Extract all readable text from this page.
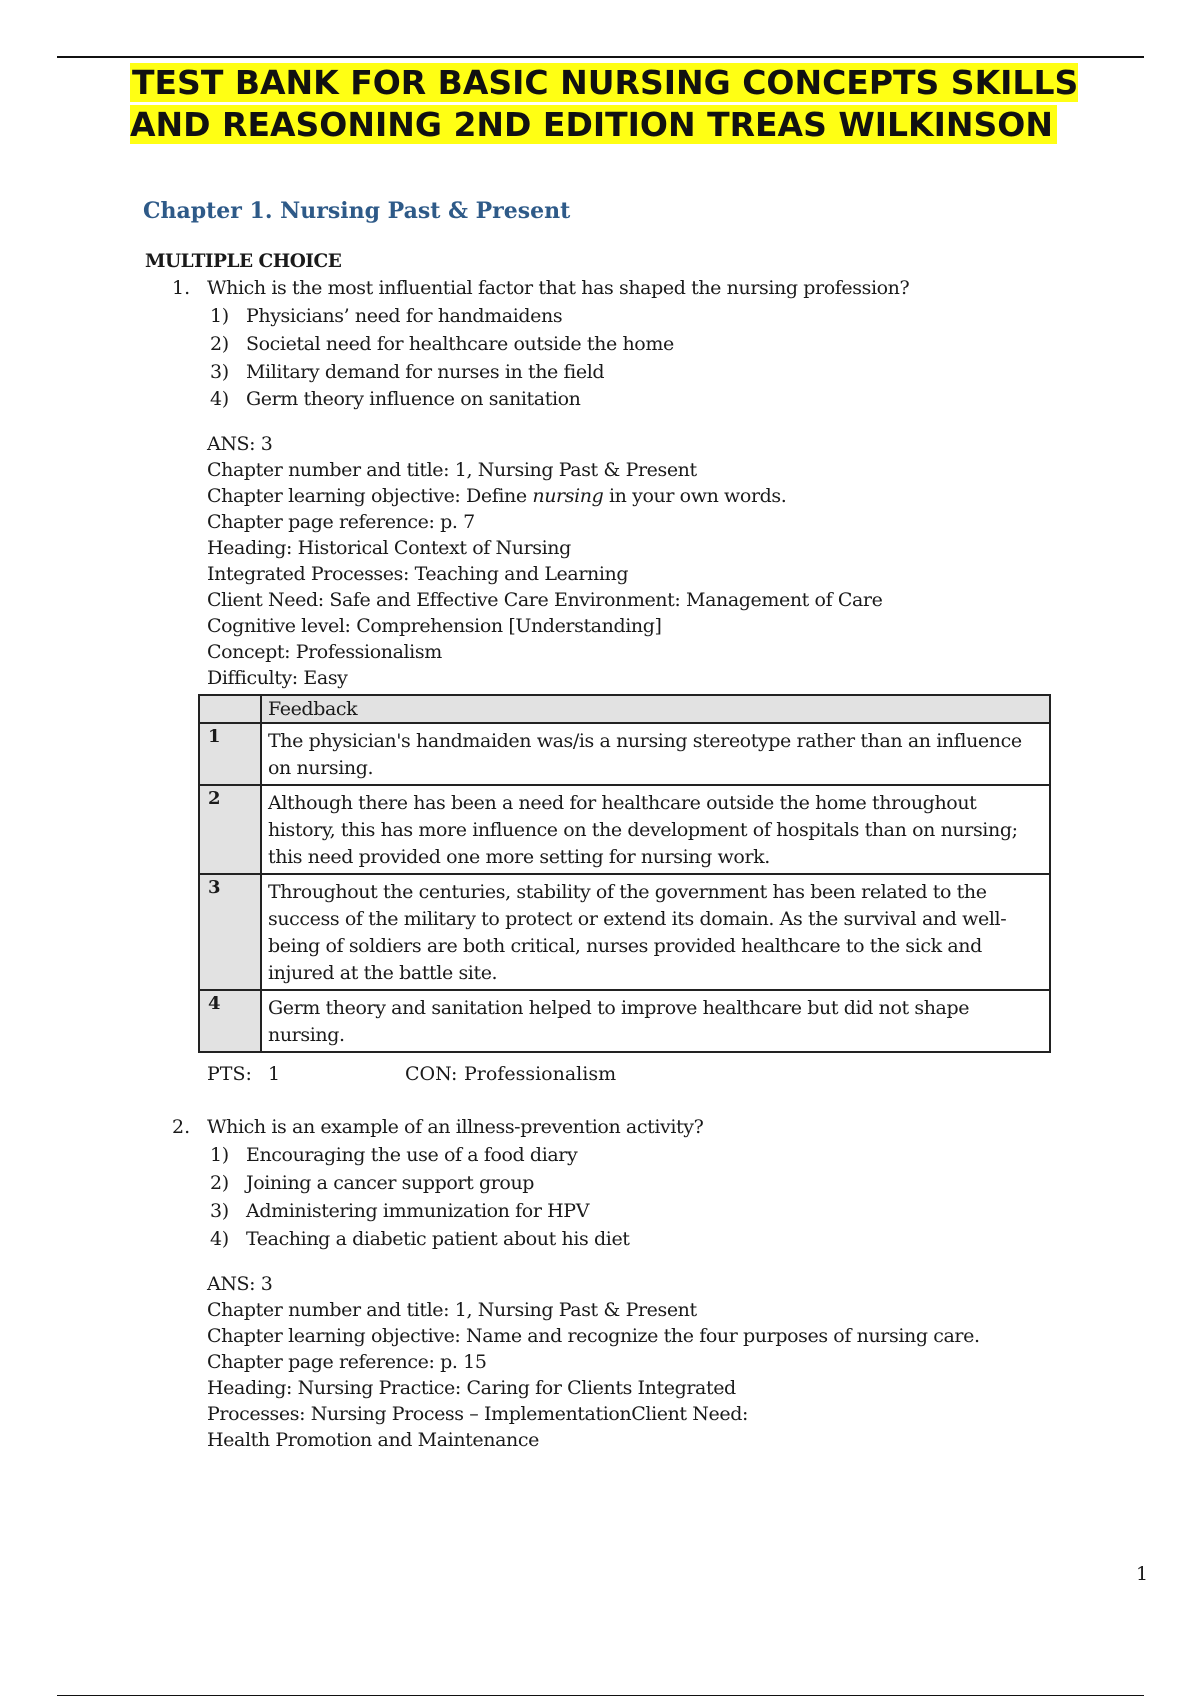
TEST BANK FOR BASIC NURSING CONCEPTS SKILLS AND REASONING 2ND EDITION TREAS WILKINSON
Chapter 1. Nursing Past & Present
MULTIPLE CHOICE
1. Which is the most influential factor that has shaped the nursing profession?
1) Physicians’ need for handmaidens
2) Societal need for healthcare outside the home
3) Military demand for nurses in the field
4) Germ theory influence on sanitation
ANS: 3
Chapter number and title: 1, Nursing Past & Present
Chapter learning objective: Define nursing in your own words.
Chapter page reference: p. 7
Heading: Historical Context of Nursing
Integrated Processes: Teaching and Learning
Client Need: Safe and Effective Care Environment: Management of Care
Cognitive level: Comprehension [Understanding]
Concept: Professionalism
Difficulty: Easy
	Feedback
1	The physician's handmaiden was/is a nursing stereotype rather than an influence on nursing.
2	Although there has been a need for healthcare outside the home throughout history, this has more influence on the development of hospitals than on nursing; this need provided one more setting for nursing work.
3	Throughout the centuries, stability of the government has been related to the success of the military to protect or extend its domain. As the survival and well-being of soldiers are both critical, nurses provided healthcare to the sick and injured at the battle site.
4	Germ theory and sanitation helped to improve healthcare but did not shape nursing.
PTS: 1	CON: Professionalism
2. Which is an example of an illness-prevention activity?
1) Encouraging the use of a food diary
2) Joining a cancer support group
3) Administering immunization for HPV
4) Teaching a diabetic patient about his diet
ANS: 3
Chapter number and title: 1, Nursing Past & Present
Chapter learning objective: Name and recognize the four purposes of nursing care.
Chapter page reference: p. 15
Heading: Nursing Practice: Caring for Clients Integrated
Processes: Nursing Process – ImplementationClient Need:
Health Promotion and Maintenance
1
